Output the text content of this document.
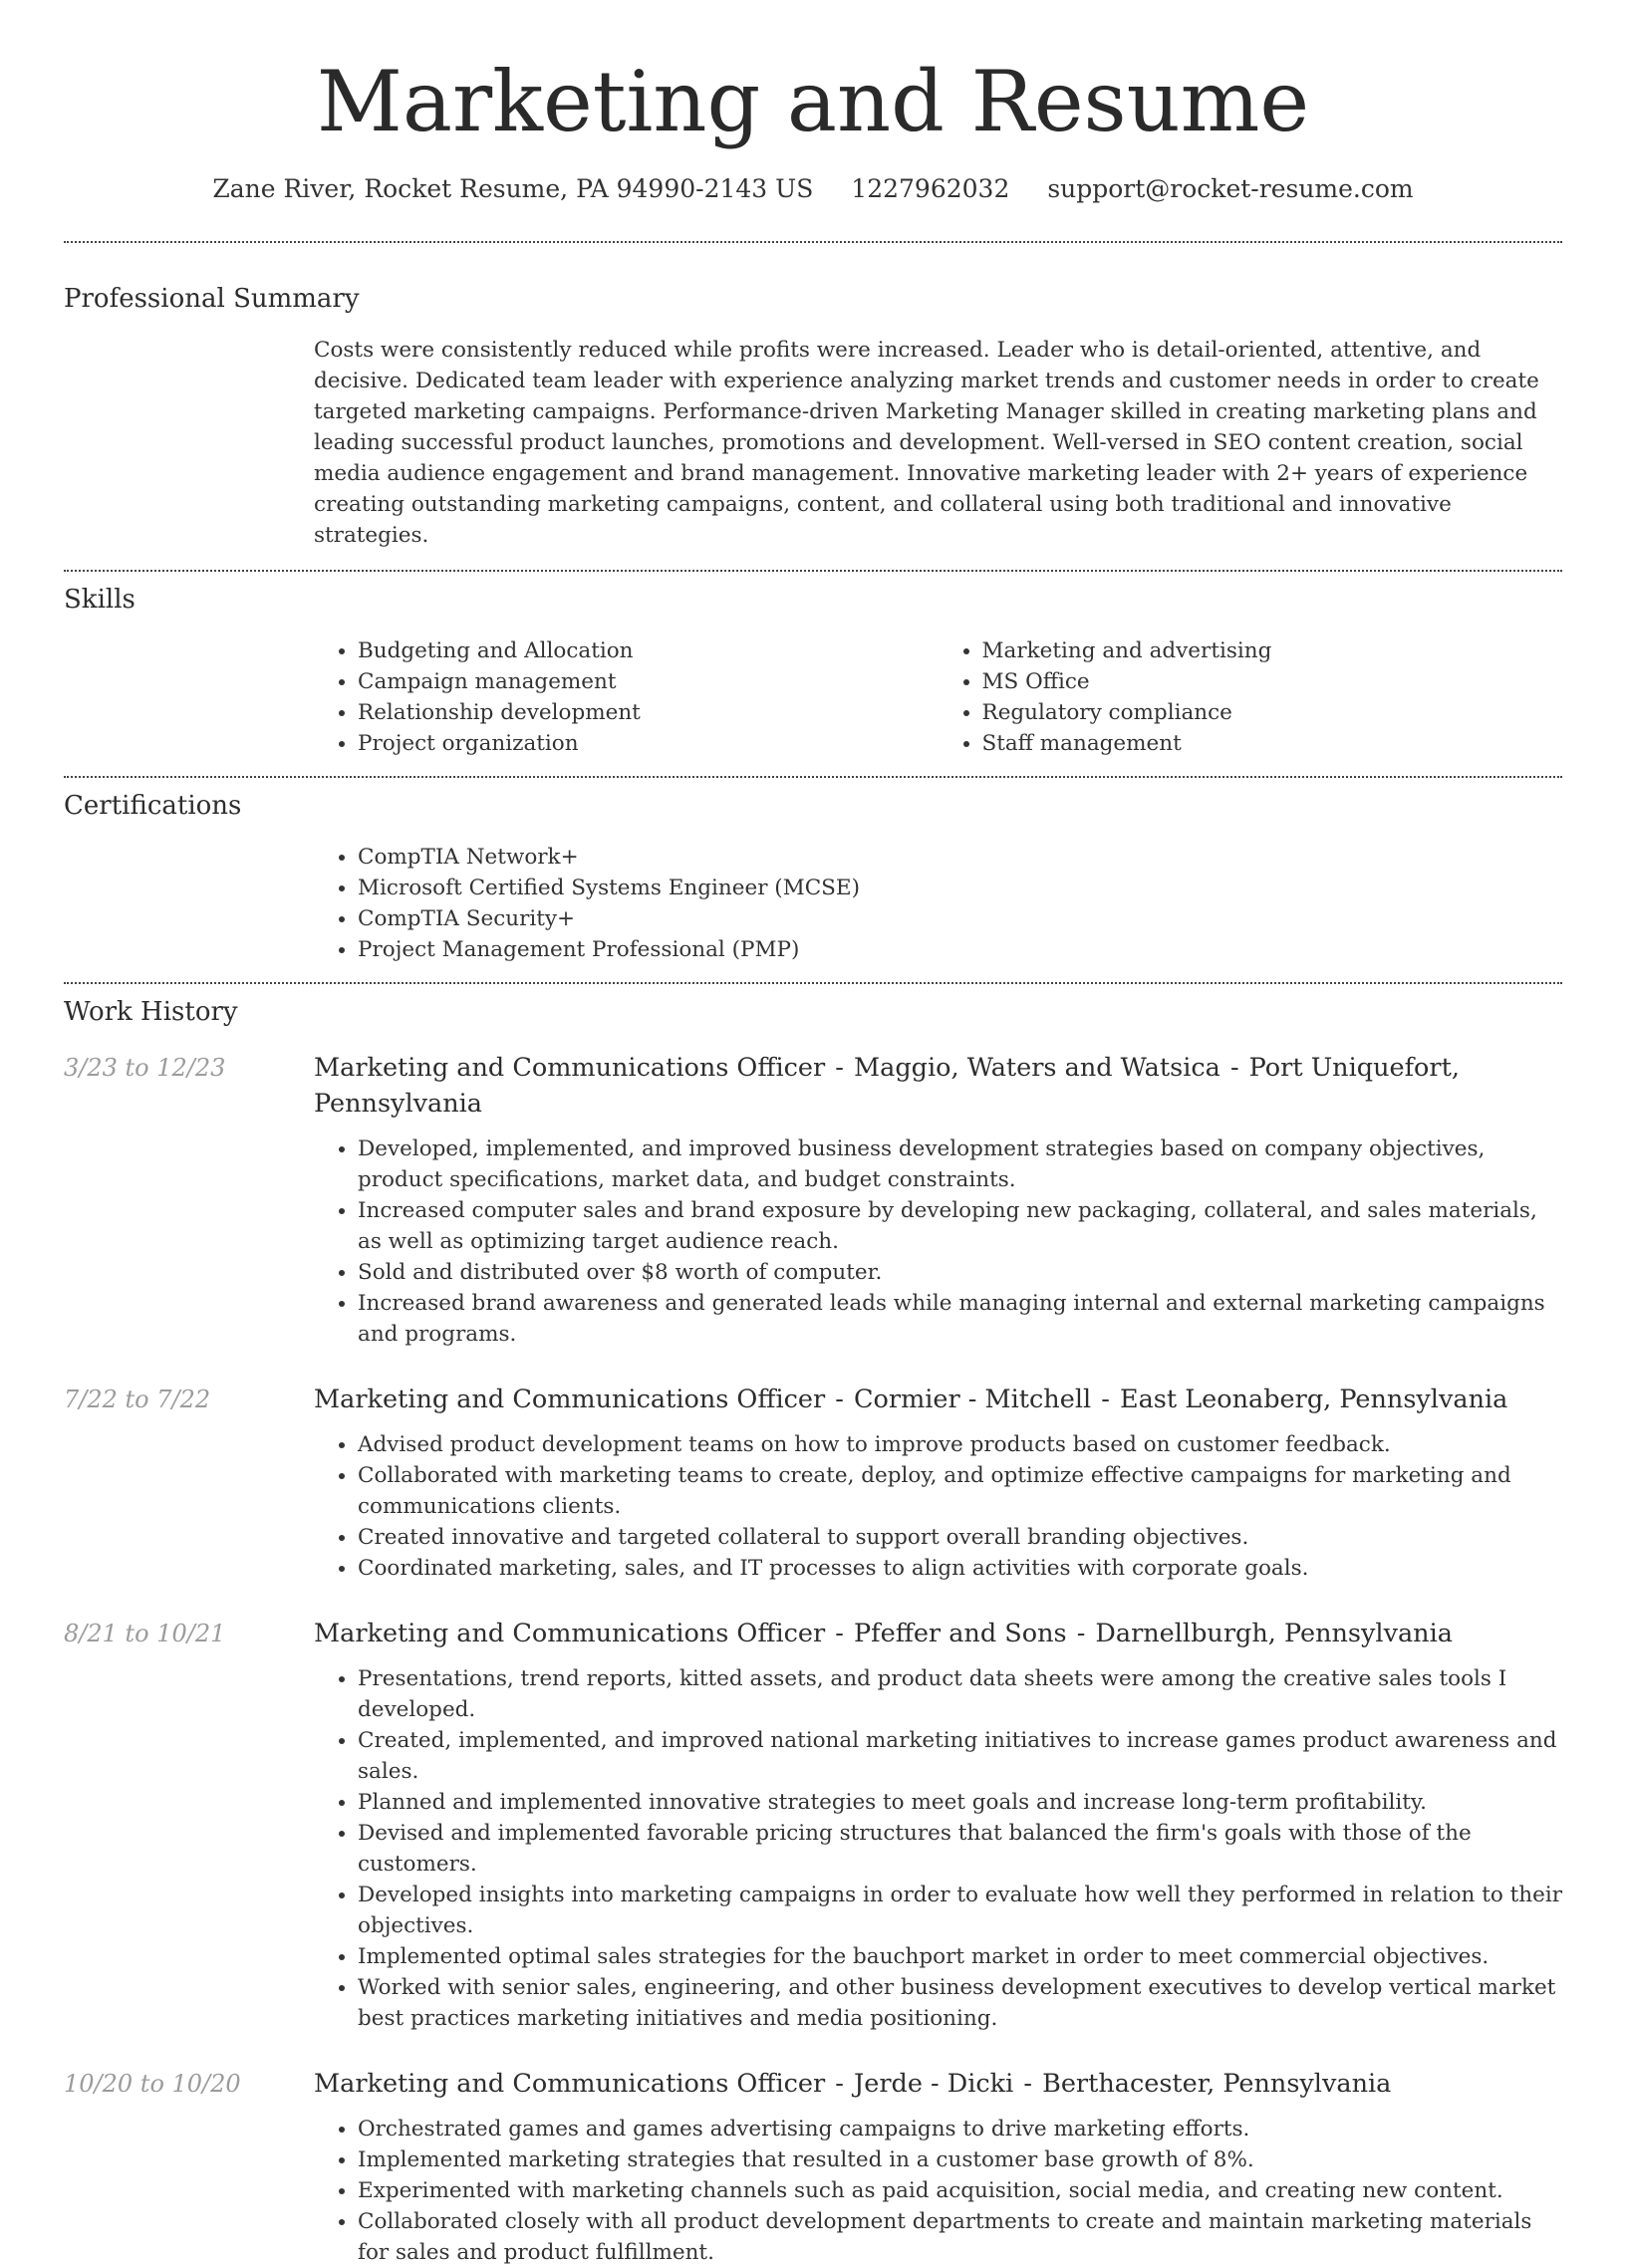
Marketing and Resume
Zane River, Rocket Resume, PA 94990-2143 US 1227962032 support@rocket-resume.com
Professional Summary
Costs were consistently reduced while profits were increased. Leader who is detail-oriented, attentive, and decisive. Dedicated team leader with experience analyzing market trends and customer needs in order to create targeted marketing campaigns. Performance-driven Marketing Manager skilled in creating marketing plans and leading successful product launches, promotions and development. Well-versed in SEO content creation, social media audience engagement and brand management. Innovative marketing leader with 2+ years of experience creating outstanding marketing campaigns, content, and collateral using both traditional and innovative strategies.
Skills
• Budgeting and Allocation
• Campaign management
• Relationship development
• Project organization
• Marketing and advertising
• MS Office
• Regulatory compliance
• Staff management
Certifications
• CompTIA Network+
• Microsoft Certified Systems Engineer (MCSE)
• CompTIA Security+
• Project Management Professional (PMP)
Work History
3/23 to 12/23	Marketing and Communications Officer - Maggio, Waters and Watsica - Port Uniquefort, Pennsylvania
• Developed, implemented, and improved business development strategies based on company objectives, product specifications, market data, and budget constraints.
• Increased computer sales and brand exposure by developing new packaging, collateral, and sales materials, as well as optimizing target audience reach.
• Sold and distributed over $8 worth of computer.
• Increased brand awareness and generated leads while managing internal and external marketing campaigns and programs.
7/22 to 7/22	Marketing and Communications Officer - Cormier - Mitchell - East Leonaberg, Pennsylvania
• Advised product development teams on how to improve products based on customer feedback.
• Collaborated with marketing teams to create, deploy, and optimize effective campaigns for marketing and communications clients.
• Created innovative and targeted collateral to support overall branding objectives.
• Coordinated marketing, sales, and IT processes to align activities with corporate goals.
8/21 to 10/21	Marketing and Communications Officer - Pfeffer and Sons - Darnellburgh, Pennsylvania
• Presentations, trend reports, kitted assets, and product data sheets were among the creative sales tools I developed.
• Created, implemented, and improved national marketing initiatives to increase games product awareness and sales.
• Planned and implemented innovative strategies to meet goals and increase long-term profitability.
• Devised and implemented favorable pricing structures that balanced the firm's goals with those of the customers.
• Developed insights into marketing campaigns in order to evaluate how well they performed in relation to their objectives.
• Implemented optimal sales strategies for the bauchport market in order to meet commercial objectives.
• Worked with senior sales, engineering, and other business development executives to develop vertical market best practices marketing initiatives and media positioning.
10/20 to 10/20	Marketing and Communications Officer - Jerde - Dicki - Berthacester, Pennsylvania
• Orchestrated games and games advertising campaigns to drive marketing efforts.
• Implemented marketing strategies that resulted in a customer base growth of 8%.
• Experimented with marketing channels such as paid acquisition, social media, and creating new content.
• Collaborated closely with all product development departments to create and maintain marketing materials for sales and product fulfillment.
